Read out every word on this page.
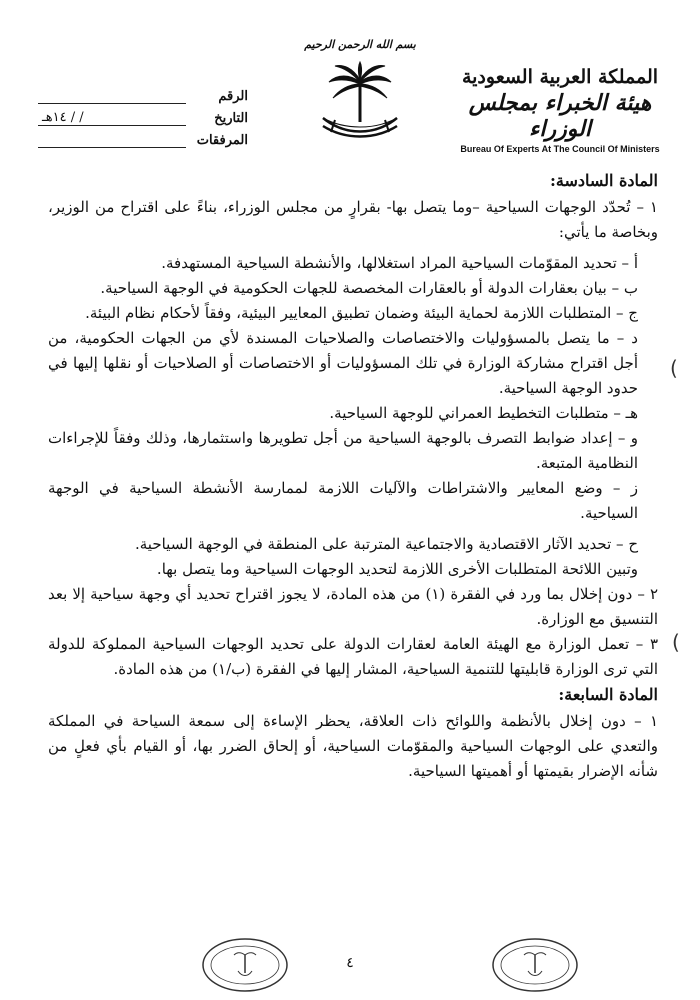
المملكة العربية السعودية
هيئة الخبراء بمجلس الوزراء
Bureau Of Experts At The Council Of Ministers
بسم الله الرحمن الرحيم
الرقم
التاريخ
/ / ١٤هـ
المرفقات
المادة السادسة:

١ – تُحدّد الوجهات السياحية –وما يتصل بها- بقرارٍ من مجلس الوزراء، بناءً على اقتراح من الوزير، وبخاصة ما يأتي:

أ – تحديد المقوّمات السياحية المراد استغلالها، والأنشطة السياحية المستهدفة.

ب – بيان بعقارات الدولة أو بالعقارات المخصصة للجهات الحكومية في الوجهة السياحية.

ج – المتطلبات اللازمة لحماية البيئة وضمان تطبيق المعايير البيئية، وفقاً لأحكام نظام البيئة.

د – ما يتصل بالمسؤوليات والاختصاصات والصلاحيات المسندة لأي من الجهات الحكومية، من أجل اقتراح مشاركة الوزارة في تلك المسؤوليات أو الاختصاصات أو الصلاحيات أو نقلها إليها في حدود الوجهة السياحية.

هـ – متطلبات التخطيط العمراني للوجهة السياحية.

و – إعداد ضوابط التصرف بالوجهة السياحية من أجل تطويرها واستثمارها، وذلك وفقاً للإجراءات النظامية المتبعة.

ز – وضع المعايير والاشتراطات والآليات اللازمة لممارسة الأنشطة السياحية في الوجهة السياحية.

ح – تحديد الآثار الاقتصادية والاجتماعية المترتبة على المنطقة في الوجهة السياحية.

وتبين اللائحة المتطلبات الأخرى اللازمة لتحديد الوجهات السياحية وما يتصل بها.

٢ – دون إخلال بما ورد في الفقرة (١) من هذه المادة، لا يجوز اقتراح تحديد أي وجهة سياحية إلا بعد التنسيق مع الوزارة.

٣ – تعمل الوزارة مع الهيئة العامة لعقارات الدولة على تحديد الوجهات السياحية المملوكة للدولة التي ترى الوزارة قابليتها للتنمية السياحية، المشار إليها في الفقرة (ب/١) من هذه المادة.

المادة السابعة:

١ – دون إخلال بالأنظمة واللوائح ذات العلاقة، يحظر الإساءة إلى سمعة السياحة في المملكة والتعدي على الوجهات السياحية والمقوّمات السياحية، أو إلحاق الضرر بها، أو القيام بأي فعلٍ من شأنه الإضرار بقيمتها أو أهميتها السياحية.

(
(
٤
